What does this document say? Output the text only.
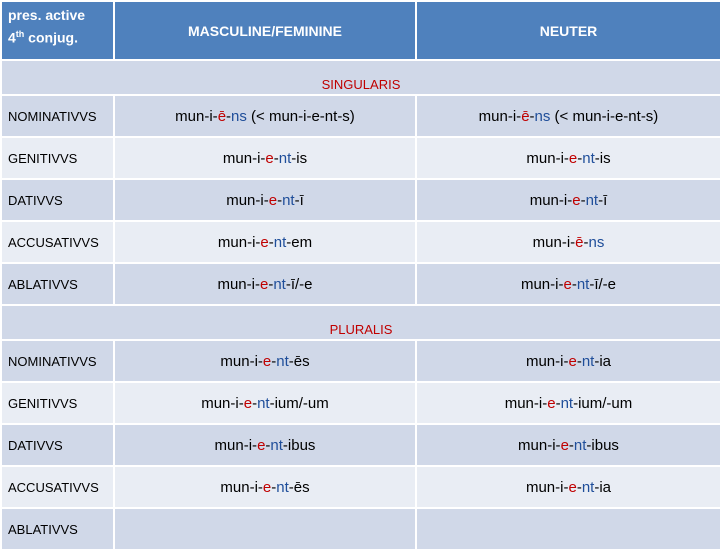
pres. active
4th conjug.	MASCULINE/FEMININE	NEUTER
SINGULARIS		
NOMINATIVVS	mun-i-ē-ns (< mun-i-e-nt-s)	mun-i-ē-ns (< mun-i-e-nt-s)
GENITIVVS	mun-i-e-nt-is	mun-i-e-nt-is
DATIVVS	mun-i-e-nt-ī	mun-i-e-nt-ī
ACCUSATIVVS	mun-i-e-nt-em	mun-i-ē-ns
ABLATIVVS	mun-i-e-nt-ī/-e	mun-i-e-nt-ī/-e
PLURALIS		
NOMINATIVVS	mun-i-e-nt-ēs	mun-i-e-nt-ia
GENITIVVS	mun-i-e-nt-ium/-um	mun-i-e-nt-ium/-um
DATIVVS	mun-i-e-nt-ibus	mun-i-e-nt-ibus
ACCUSATIVVS	mun-i-e-nt-ēs	mun-i-e-nt-ia
ABLATIVVS		
